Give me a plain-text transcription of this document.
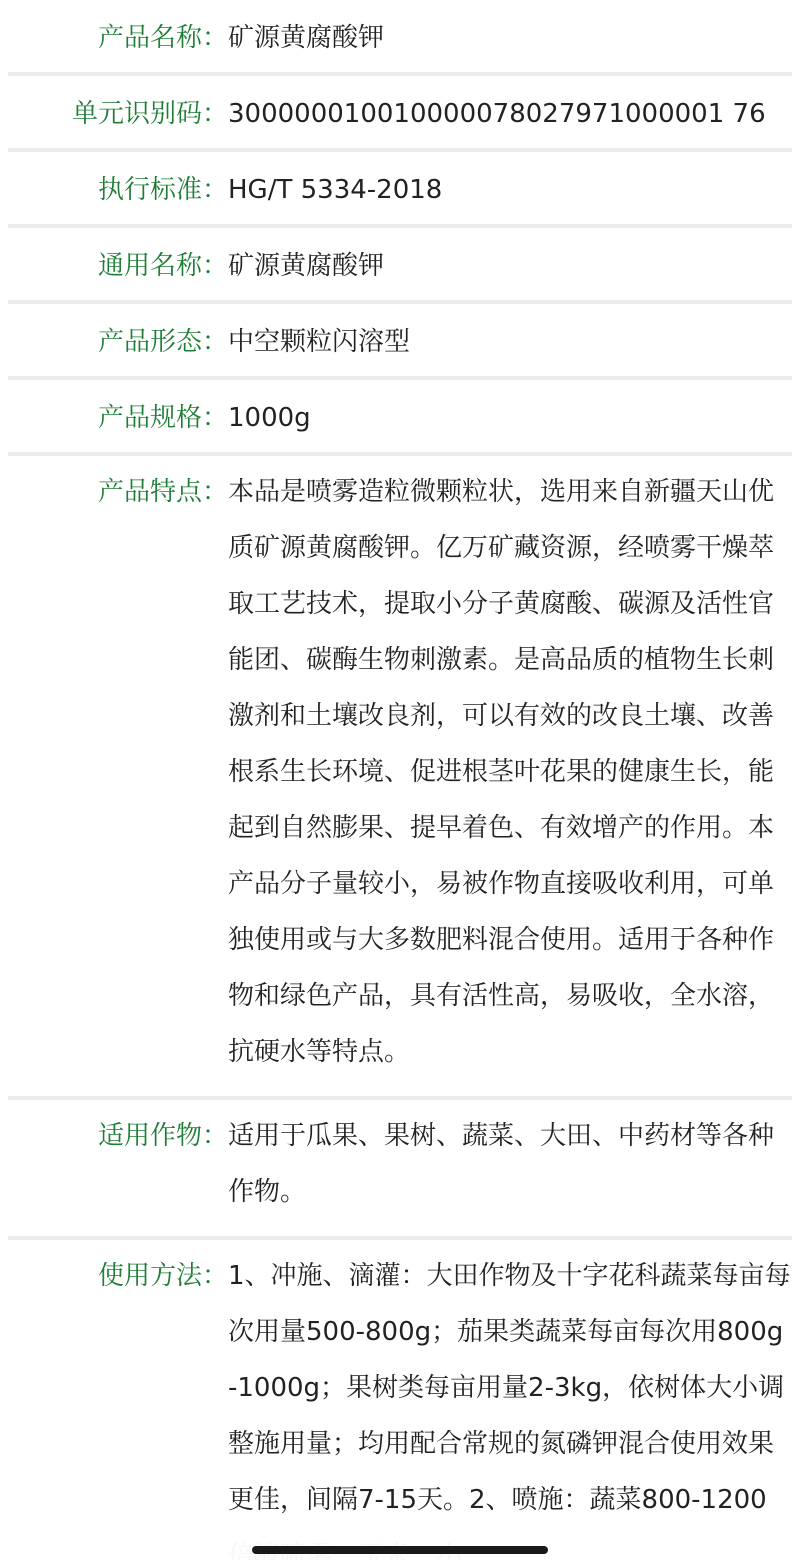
产品名称： 矿源黄腐酸钾
单元识别码： 300000010010000078027971000001 76
执行标准： HG/T 5334-2018
通用名称： 矿源黄腐酸钾
产品形态： 中空颗粒闪溶型
产品规格： 1000g
产品特点： 本品是喷雾造粒微颗粒状，选用来自新疆天山优质矿源黄腐酸钾。亿万矿藏资源，经喷雾干燥萃取工艺技术，提取小分子黄腐酸、碳源及活性官能团、碳酶生物刺激素。是高品质的植物生长刺激剂和土壤改良剂，可以有效的改良土壤、改善根系生长环境、促进根茎叶花果的健康生长，能起到自然膨果、提早着色、有效增产的作用。本产品分子量较小，易被作物直接吸收利用，可单独使用或与大多数肥料混合使用。适用于各种作物和绿色产品，具有活性高，易吸收，全水溶，抗硬水等特点。
适用作物： 适用于瓜果、果树、蔬菜、大田、中药材等各种作物。
使用方法： 1、冲施、滴灌：大田作物及十字花科蔬菜每亩每次用量500-800g；茄果类蔬菜每亩每次用800g-1000g；果树类每亩用量2-3kg，依树体大小调整施用量；均用配合常规的氮磷钾混合使用效果更佳，间隔7-15天。2、喷施：蔬菜800-1200
